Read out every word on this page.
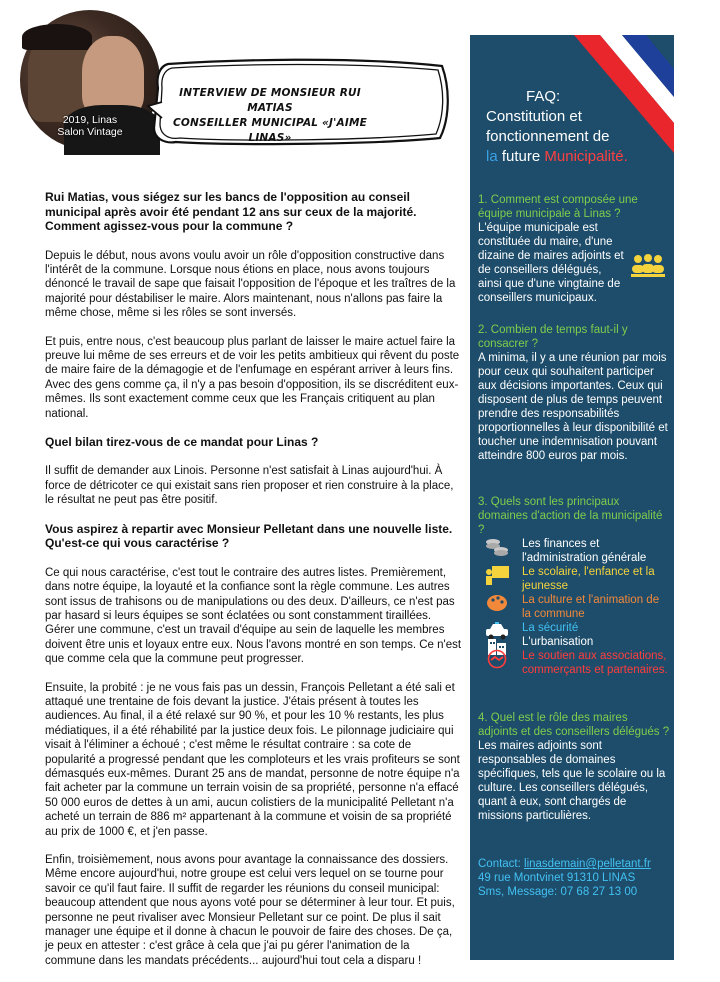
2019, Linas
Salon Vintage
INTERVIEW DE MONSIEUR RUI MATIAS
CONSEILLER MUNICIPAL «J'AIME LINAS»

Rui Matias, vous siégez sur les bancs de l'opposition au conseil municipal après avoir été pendant 12 ans sur ceux de la majorité. Comment agissez-vous pour la commune ?

Depuis le début, nous avons voulu avoir un rôle d'opposition constructive dans l'intérêt de la commune. Lorsque nous étions en place, nous avons toujours dénoncé le travail de sape que faisait l'opposition de l'époque et les traîtres de la majorité pour déstabiliser le maire. Alors maintenant, nous n'allons pas faire la même chose, même si les rôles se sont inversés.

Et puis, entre nous, c'est beaucoup plus parlant de laisser le maire actuel faire la preuve lui même de ses erreurs et de voir les petits ambitieux qui rêvent du poste de maire faire de la démagogie et de l'enfumage en espérant arriver à leurs fins. Avec des gens comme ça, il n'y a pas besoin d'opposition, ils se discréditent eux-mêmes. Ils sont exactement comme ceux que les Français critiquent au plan national.

Quel bilan tirez-vous de ce mandat pour Linas ?

Il suffit de demander aux Linois. Personne n'est satisfait à Linas aujourd'hui. À force de détricoter ce qui existait sans rien proposer et rien construire à la place, le résultat ne peut pas être positif.

Vous aspirez à repartir avec Monsieur Pelletant dans une nouvelle liste. Qu'est-ce qui vous caractérise ?

Ce qui nous caractérise, c'est tout le contraire des autres listes. Premièrement, dans notre équipe, la loyauté et la confiance sont la règle commune. Les autres sont issus de trahisons ou de manipulations ou des deux. D'ailleurs, ce n'est pas par hasard si leurs équipes se sont éclatées ou sont constamment tiraillées. Gérer une commune, c'est un travail d'équipe au sein de laquelle les membres doivent être unis et loyaux entre eux. Nous l'avons montré en son temps. Ce n'est que comme cela que la commune peut progresser.

Ensuite, la probité : je ne vous fais pas un dessin, François Pelletant a été sali et attaqué une trentaine de fois devant la justice. J'étais présent à toutes les audiences. Au final, il a été relaxé sur 90 %, et pour les 10 % restants, les plus médiatiques, il a été réhabilité par la justice deux fois. Le pilonnage judiciaire qui visait à l'éliminer a échoué ; c'est même le résultat contraire : sa cote de popularité a progressé pendant que les comploteurs et les vrais profiteurs se sont démasqués eux-mêmes. Durant 25 ans de mandat, personne de notre équipe n'a fait acheter par la commune un terrain voisin de sa propriété, personne n'a effacé 50 000 euros de dettes à un ami, aucun colistiers de la municipalité Pelletant n'a acheté un terrain de 886 m² appartenant à la commune et voisin de sa propriété au prix de 1000 €, et j'en passe.

Enfin, troisièmement, nous avons pour avantage la connaissance des dossiers. Même encore aujourd'hui, notre groupe est celui vers lequel on se tourne pour savoir ce qu'il faut faire. Il suffit de regarder les réunions du conseil municipal: beaucoup attendent que nous ayons voté pour se déterminer à leur tour. Et puis, personne ne peut rivaliser avec Monsieur Pelletant sur ce point. De plus il sait manager une équipe et il donne à chacun le pouvoir de faire des choses. De ça, je peux en attester : c'est grâce à cela que j'ai pu gérer l'animation de la commune dans les mandats précédents... aujourd'hui tout cela a disparu !

FAQ:
Constitution et
fonctionnement de
la future Municipalité.
1. Comment est composée une équipe municipale à Linas ?
L'équipe municipale est constituée du maire, d'une dizaine de maires adjoints et de conseillers délégués, ainsi que d'une vingtaine de conseillers municipaux.
2. Combien de temps faut-il y consacrer ?
A minima, il y a une réunion par mois pour ceux qui souhaitent participer aux décisions importantes. Ceux qui disposent de plus de temps peuvent prendre des responsabilités proportionnelles à leur disponibilité et toucher une indemnisation pouvant atteindre 800 euros par mois.
3. Quels sont les principaux domaines d'action de la municipalité ?
Les finances et l'administration générale
Le scolaire, l'enfance et la jeunesse
La culture et l'animation de la commune
La sécurité
L'urbanisation
Le soutien aux associations, commerçants et partenaires.
4. Quel est le rôle des maires adjoints et des conseillers délégués ?
Les maires adjoints sont responsables de domaines spécifiques, tels que le scolaire ou la culture. Les conseillers délégués, quant à eux, sont chargés de missions particulières.
Contact: linasdemain@pelletant.fr
49 rue Montvinet 91310 LINAS
Sms, Message: 07 68 27 13 00
